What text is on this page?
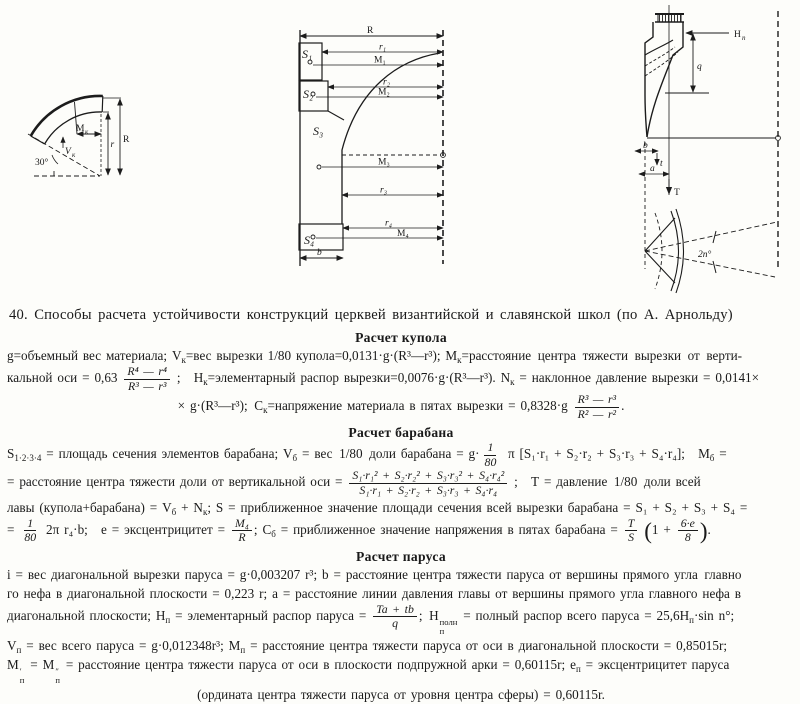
М к
V к
30°
r R
R
S₁	r₁
М₁
S₂
r₂
М₂
S₃
М₃
r₃
S₄
r₄
М₄
b
Н п
q
b
t
a
Т
2n°
40. Способы расчета устойчивости конструкций церквей византийской и славянской школ (по А. Арнольду)
Расчет купола
g=объемный вес материала; $V_к=вес$ вырезки 1/80 купола=0,0131·g·(R³—r³); $М_к=расстояние$ центра тяжести вырезки от верти-
кальной оси = $0,63 \frac{\text{R⁴ — r⁴}}{\text{R³ — r³}}$ ; $Н_к=элементарный$ распор вырезки=0,0076·g·(R³—r³). $N_к$ = наклонное давление вырезки = 0,0141×
× g·(R³—r³); $С_к=напряжение$ материала в пятах вырезки = $0,8328\cdot g \frac{\text{R³ — r³}}{\text{R² — r²}}$ .
Расчет барабана
$S_{1\cdot 2\cdot 3\cdot 4}$ = площадь сечения элементов барабана; $V_б$ = вес 1/80 доли барабана = $g\cdot \frac{1}{80}$  π [S₁·r₁ + S₂·r₂ + S₃·r₃ + S₄·r₄]; $М_б$ =
= расстояние центра тяжести доли от вертикальной оси = $\frac{\text{S₁·r₁² + S₂·r₂² + S₃·r₃² + S₄·r₄²}}{\text{S₁·r₁ + S₂·r₂ + S₃·r₃ + S₄·r₄}}$ ; Т = давление 1/80 доли всей
лавы (купола+барабана) = $V_б + N_к$; S = приближенное значение площади сечения всей вырезки барабана = S₁ + S₂ + S₃ + S₄ =
= $\frac{1}{80} 2\pi$ r₄·b; e = эксцентрицитет = $\frac{\text{M₄}}{R}$ ; $С_б$ = приближенное значение напряжения в пятах барабана = $\frac{T}{S} (1 + \frac{6\cdot e}{8}$ ).
Расчет паруса
i = вес диагональной вырезки паруса = g·0,003207 r³; b = расстояние центра тяжести паруса от вершины прямого угла главно
го нефа в диагональной плоскости = 0,223 r; a = расстояние линии давления главы от вершины прямого угла главного нефа в
диагональной плоскости; $Н_п$ = элементарный распор паруса = $\frac{Ta + tb}{q}$ ; Н полн
п
= полный распор всего паруса = $25,6Н_п\cdot\sin$ n°;
$V_п$ = вес всего паруса = g·0,012348r³; $М_п$ = расстояние центра тяжести паруса от оси в диагональной плоскости = 0,85015r;
М ′
п
= М ″
п
= расстояние центра тяжести паруса от оси в плоскости подпружной арки = 0,60115r; $е_п$ = эксцентрицитет паруса
(ордината центра тяжести паруса от уровня центра сферы) = 0,60115r.
